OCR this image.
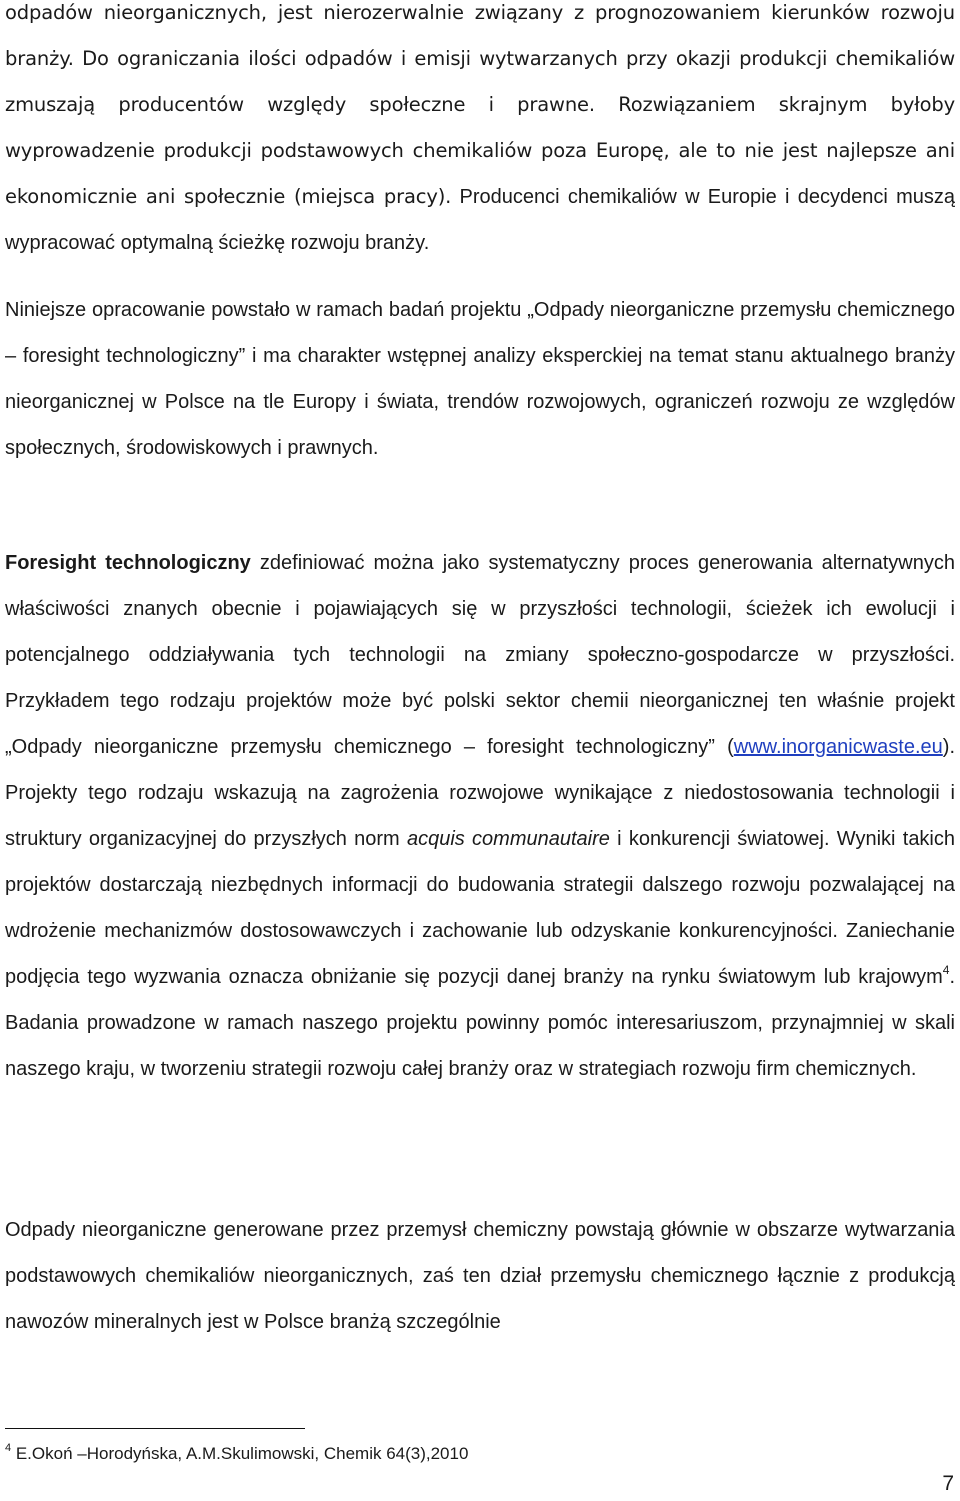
odpadów nieorganicznych, jest nierozerwalnie związany z prognozowaniem kierunków rozwoju branży. Do ograniczania ilości odpadów i emisji wytwarzanych przy okazji produkcji chemikaliów zmuszają producentów względy społeczne i prawne. Rozwiązaniem skrajnym byłoby wyprowadzenie produkcji podstawowych chemikaliów poza Europę, ale to nie jest najlepsze ani ekonomicznie ani społecznie (miejsca pracy). Producenci chemikaliów w Europie i decydenci muszą wypracować optymalną ścieżkę rozwoju branży.

Niniejsze opracowanie powstało w ramach badań projektu „Odpady nieorganiczne przemysłu chemicznego – foresight technologiczny” i ma charakter wstępnej analizy eksperckiej na temat stanu aktualnego branży nieorganicznej w Polsce na tle Europy i świata, trendów rozwojowych, ograniczeń rozwoju ze względów społecznych, środowiskowych i prawnych.

Foresight technologiczny zdefiniować można jako systematyczny proces generowania alternatywnych właściwości znanych obecnie i pojawiających się w przyszłości technologii, ścieżek ich ewolucji i potencjalnego oddziaływania tych technologii na zmiany społeczno-gospodarcze w przyszłości. Przykładem tego rodzaju projektów może być polski sektor chemii nieorganicznej ten właśnie projekt „Odpady nieorganiczne przemysłu chemicznego – foresight technologiczny” (www.inorganicwaste.eu). Projekty tego rodzaju wskazują na zagrożenia rozwojowe wynikające z niedostosowania technologii i struktury organizacyjnej do przyszłych norm acquis communautaire i konkurencji światowej. Wyniki takich projektów dostarczają niezbędnych informacji do budowania strategii dalszego rozwoju pozwalającej na wdrożenie mechanizmów dostosowawczych i zachowanie lub odzyskanie konkurencyjności. Zaniechanie podjęcia tego wyzwania oznacza obniżanie się pozycji danej branży na rynku światowym lub krajowym$^4$. Badania prowadzone w ramach naszego projektu powinny pomóc interesariuszom, przynajmniej w skali naszego kraju, w tworzeniu strategii rozwoju całej branży oraz w strategiach rozwoju firm chemicznych.

Odpady nieorganiczne generowane przez przemysł chemiczny powstają głównie w obszarze wytwarzania podstawowych chemikaliów nieorganicznych, zaś ten dział przemysłu chemicznego łącznie z produkcją nawozów mineralnych jest w Polsce branżą szczególnie

$^4$ E.Okoń –Horodyńska, A.M.Skulimowski, Chemik 64(3),2010
7
